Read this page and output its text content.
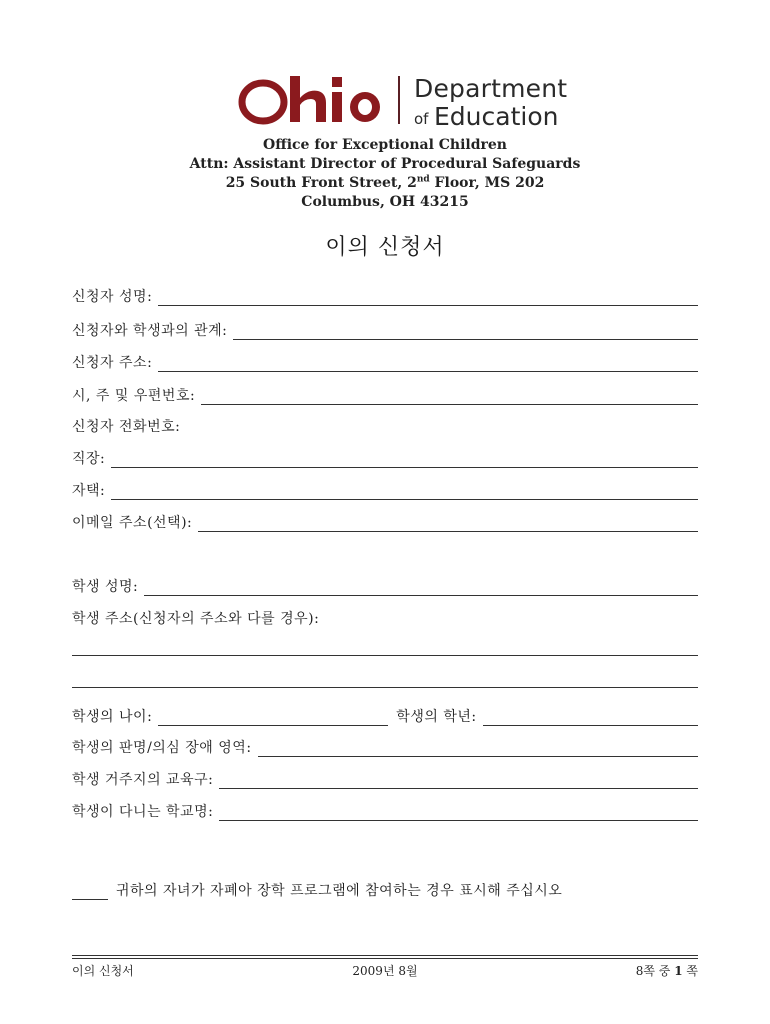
Department
of Education
Office for Exceptional Children
Attn: Assistant Director of Procedural Safeguards
25 South Front Street, 2nd Floor, MS 202
Columbus, OH 43215
이의 신청서
신청자 성명:
신청자와 학생과의 관계:
신청자 주소:
시, 주 및 우편번호:
신청자 전화번호:
직장:
자택:
이메일 주소(선택):
학생 성명:
학생 주소(신청자의 주소와 다를 경우):
학생의 나이:	학생의 학년:
학생의 판명/의심 장애 영역:
학생 거주지의 교육구:
학생이 다니는 학교명:
귀하의 자녀가 자폐아 장학 프로그램에 참여하는 경우 표시해 주십시오
이의 신청서	2009년 8월	8쪽 중 1 쪽
